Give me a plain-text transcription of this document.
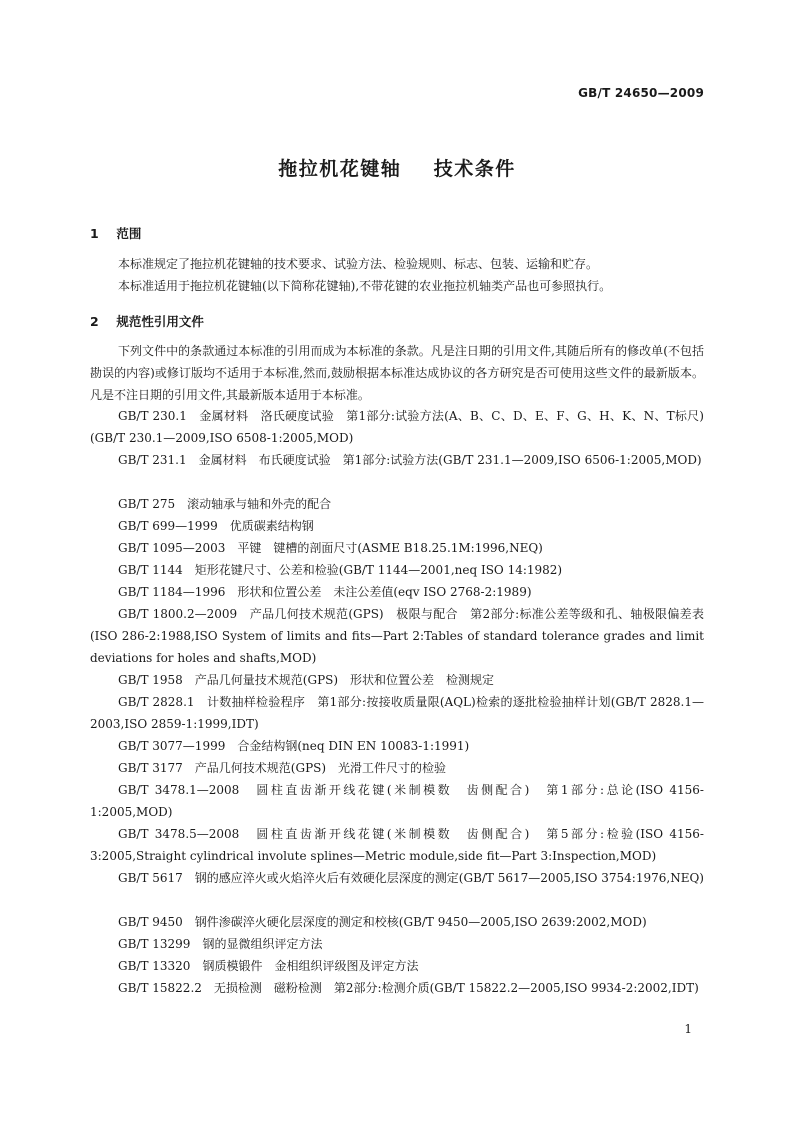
GB/T 24650—2009
拖拉机花键轴    技术条件
1 范围
本标准规定了拖拉机花键轴的技术要求、试验方法、检验规则、标志、包装、运输和贮存。
本标准适用于拖拉机花键轴(以下简称花键轴),不带花键的农业拖拉机轴类产品也可参照执行。
2 规范性引用文件
下列文件中的条款通过本标准的引用而成为本标准的条款。凡是注日期的引用文件,其随后所有的修改单(不包括勘误的内容)或修订版均不适用于本标准,然而,鼓励根据本标准达成协议的各方研究是否可使用这些文件的最新版本。凡是不注日期的引用文件,其最新版本适用于本标准。
GB/T 230.1　金属材料　洛氏硬度试验　第1部分:试验方法(A、B、C、D、E、F、G、H、K、N、T标尺)(GB/T 230.1—2009,ISO 6508-1:2005,MOD)
GB/T 231.1　金属材料　布氏硬度试验　第1部分:试验方法(GB/T 231.1—2009,ISO 6506-1:2005,MOD)
GB/T 275　滚动轴承与轴和外壳的配合
GB/T 699—1999　优质碳素结构钢
GB/T 1095—2003　平键　键槽的剖面尺寸(ASME B18.25.1M:1996,NEQ)
GB/T 1144　矩形花键尺寸、公差和检验(GB/T 1144—2001,neq ISO 14:1982)
GB/T 1184—1996　形状和位置公差　未注公差值(eqv ISO 2768-2:1989)
GB/T 1800.2—2009　产品几何技术规范(GPS)　极限与配合　第2部分:标准公差等级和孔、轴极限偏差表(ISO 286-2:1988,ISO System of limits and fits—Part 2:Tables of standard tolerance grades and limit deviations for holes and shafts,MOD)
GB/T 1958　产品几何量技术规范(GPS)　形状和位置公差　检测规定
GB/T 2828.1　计数抽样检验程序　第1部分:按接收质量限(AQL)检索的逐批检验抽样计划(GB/T 2828.1—2003,ISO 2859-1:1999,IDT)
GB/T 3077—1999　合金结构钢(neq DIN EN 10083-1:1991)
GB/T 3177　产品几何技术规范(GPS)　光滑工件尺寸的检验
GB/T 3478.1—2008　圆柱直齿渐开线花键(米制模数　齿侧配合)　第1部分:总论(ISO 4156-1:2005,MOD)
GB/T 3478.5—2008　圆柱直齿渐开线花键(米制模数　齿侧配合)　第5部分:检验(ISO 4156-3:2005,Straight cylindrical involute splines—Metric module,side fit—Part 3:Inspection,MOD)
GB/T 5617　钢的感应淬火或火焰淬火后有效硬化层深度的测定(GB/T 5617—2005,ISO 3754:1976,NEQ)
GB/T 9450　钢件渗碳淬火硬化层深度的测定和校核(GB/T 9450—2005,ISO 2639:2002,MOD)
GB/T 13299　钢的显微组织评定方法
GB/T 13320　钢质模锻件　金相组织评级图及评定方法
GB/T 15822.2　无损检测　磁粉检测　第2部分:检测介质(GB/T 15822.2—2005,ISO 9934-2:2002,IDT)
1
